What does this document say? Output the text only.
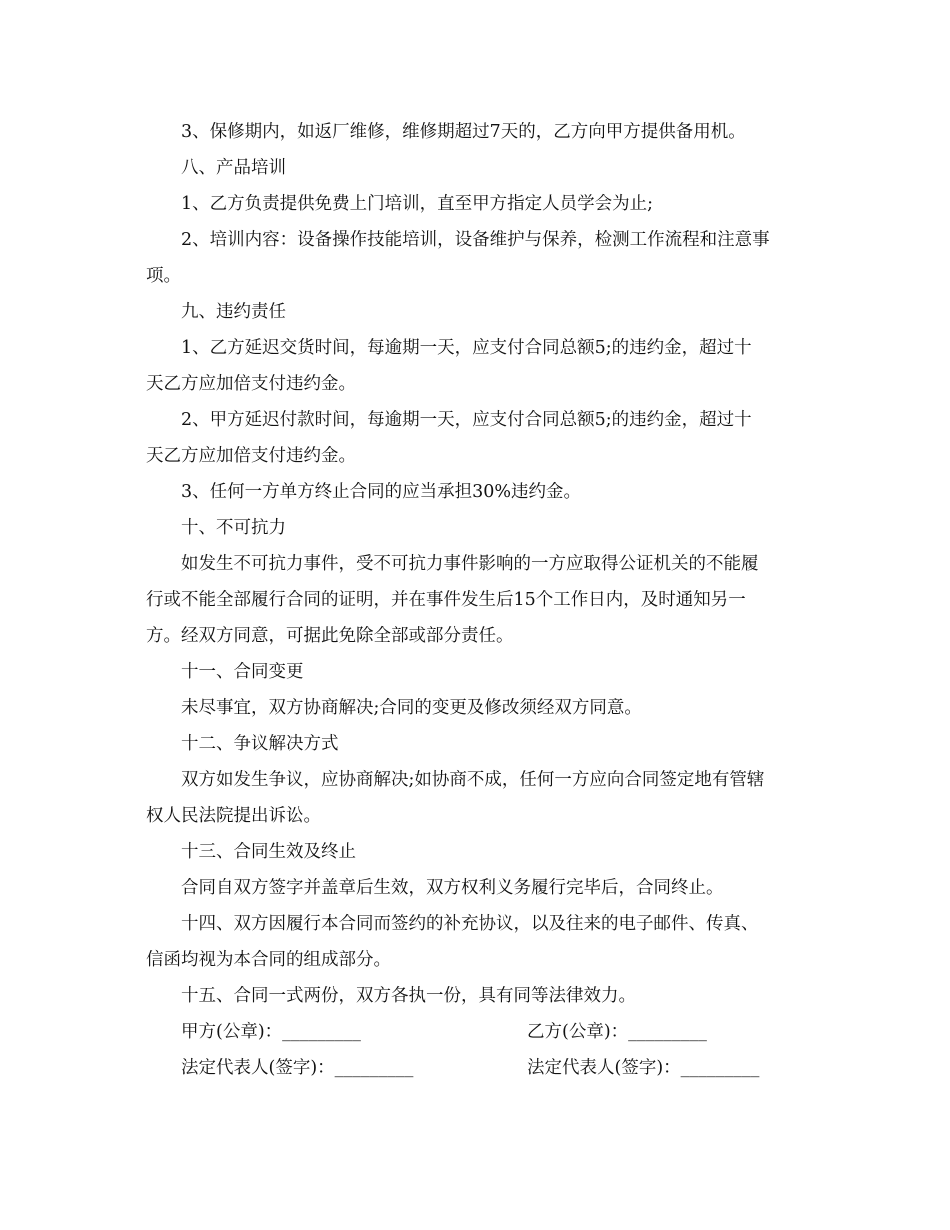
3、保修期内，如返厂维修，维修期超过7天的，乙方向甲方提供备用机。
八、产品培训
1、乙方负责提供免费上门培训，直至甲方指定人员学会为止;
2、培训内容：设备操作技能培训，设备维护与保养，检测工作流程和注意事
项。
九、违约责任
1、乙方延迟交货时间，每逾期一天，应支付合同总额5;的违约金，超过十
天乙方应加倍支付违约金。
2、甲方延迟付款时间，每逾期一天，应支付合同总额5;的违约金，超过十
天乙方应加倍支付违约金。
3、任何一方单方终止合同的应当承担30%违约金。
十、不可抗力
如发生不可抗力事件，受不可抗力事件影响的一方应取得公证机关的不能履
行或不能全部履行合同的证明，并在事件发生后15个工作日内，及时通知另一
方。经双方同意，可据此免除全部或部分责任。
十一、合同变更
未尽事宜，双方协商解决;合同的变更及修改须经双方同意。
十二、争议解决方式
双方如发生争议，应协商解决;如协商不成，任何一方应向合同签定地有管辖
权人民法院提出诉讼。
十三、合同生效及终止
合同自双方签字并盖章后生效，双方权利义务履行完毕后，合同终止。
十四、双方因履行本合同而签约的补充协议，以及往来的电子邮件、传真、
信函均视为本合同的组成部分。
十五、合同一式两份，双方各执一份，具有同等法律效力。
甲方(公章)：_________	乙方(公章)：_________
法定代表人(签字)：_________	法定代表人(签字)：_________
